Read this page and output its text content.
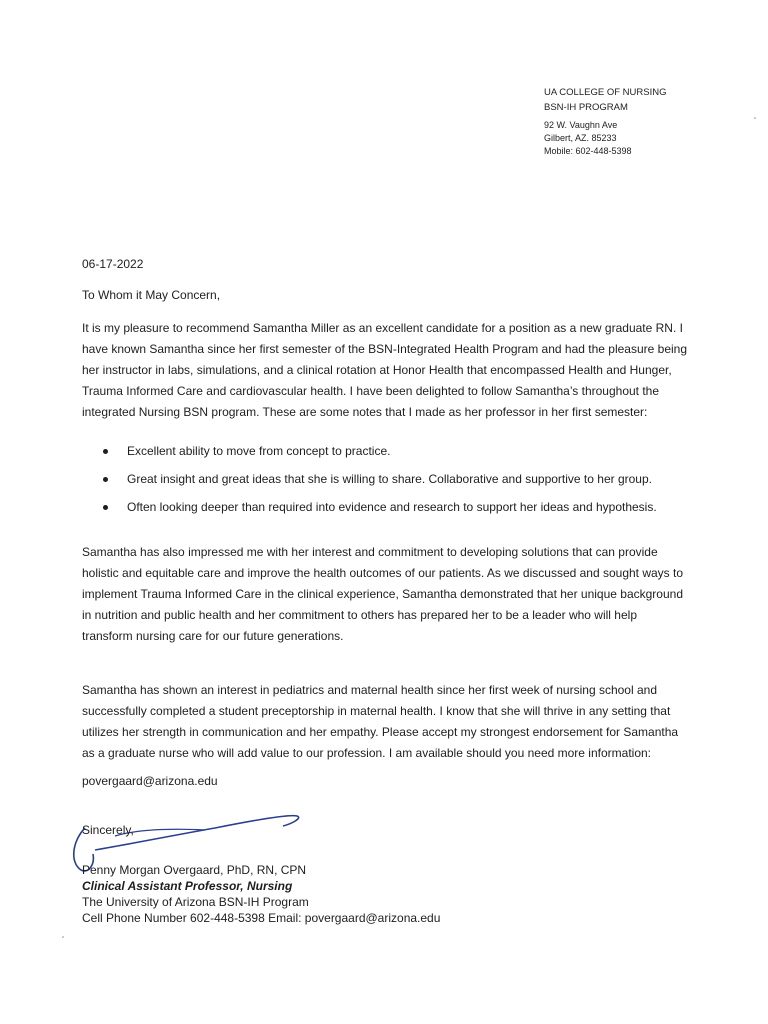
UA COLLEGE OF NURSING
BSN-IH PROGRAM
92 W. Vaughn Ave
Gilbert, AZ. 85233
Mobile: 602-448-5398
06-17-2022
To Whom it May Concern,
It is my pleasure to recommend Samantha Miller as an excellent candidate for a position as a new graduate RN. I
have known Samantha since her first semester of the BSN-Integrated Health Program and had the pleasure being
her instructor in labs, simulations, and a clinical rotation at Honor Health that encompassed Health and Hunger,
Trauma Informed Care and cardiovascular health. I have been delighted to follow Samantha’s throughout the
integrated Nursing BSN program. These are some notes that I made as her professor in her first semester:
Excellent ability to move from concept to practice.
Great insight and great ideas that she is willing to share. Collaborative and supportive to her group.
Often looking deeper than required into evidence and research to support her ideas and hypothesis.
Samantha has also impressed me with her interest and commitment to developing solutions that can provide
holistic and equitable care and improve the health outcomes of our patients. As we discussed and sought ways to
implement Trauma Informed Care in the clinical experience, Samantha demonstrated that her unique background
in nutrition and public health and her commitment to others has prepared her to be a leader who will help
transform nursing care for our future generations.
Samantha has shown an interest in pediatrics and maternal health since her first week of nursing school and
successfully completed a student preceptorship in maternal health. I know that she will thrive in any setting that
utilizes her strength in communication and her empathy. Please accept my strongest endorsement for Samantha
as a graduate nurse who will add value to our profession. I am available should you need more information:
povergaard@arizona.edu
Sincerely,
Penny Morgan Overgaard, PhD, RN, CPN
Clinical Assistant Professor, Nursing
The University of Arizona BSN-IH Program
Cell Phone Number 602-448-5398 Email: povergaard@arizona.edu
